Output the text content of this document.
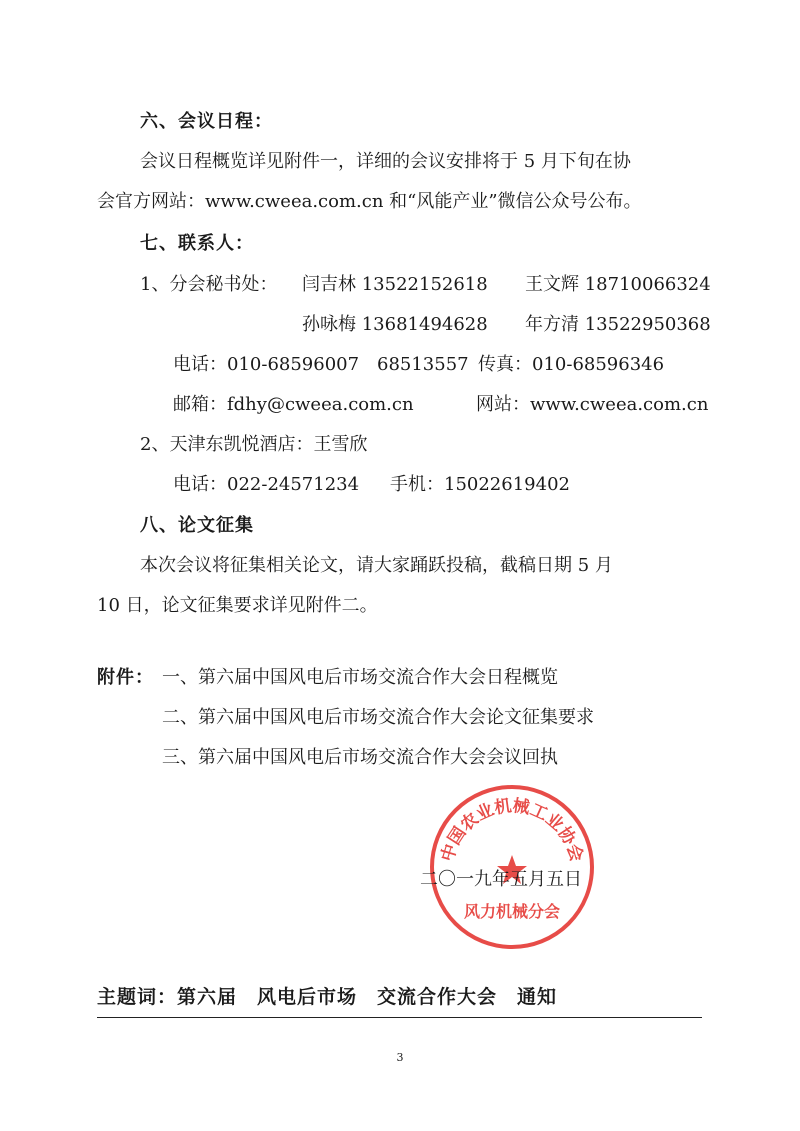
六、会议日程：
会议日程概览详见附件一，详细的会议安排将于 5 月下旬在协
会官方网站：www.cweea.com.cn 和“风能产业”微信公众号公布。
七、联系人：
1、分会秘书处： 闫吉林 13522152618 王文辉 18710066324
孙咏梅 13681494628 年方清 13522950368
电话：010-68596007 68513557 传真：010-68596346
邮箱：fdhy@cweea.com.cn	网站：www.cweea.com.cn
2、天津东凯悦酒店：王雪欣
电话：022-24571234 手机：15022619402
八、论文征集
本次会议将征集相关论文，请大家踊跃投稿，截稿日期 5 月
10 日，论文征集要求详见附件二。
附件： 一、第六届中国风电后市场交流合作大会日程概览
二、第六届中国风电后市场交流合作大会论文征集要求
三、第六届中国风电后市场交流合作大会会议回执
二〇一九年五月五日
中国农业机械工业协会
风力机械分会
主题词：第六届　风电后市场　交流合作大会　通知
3
